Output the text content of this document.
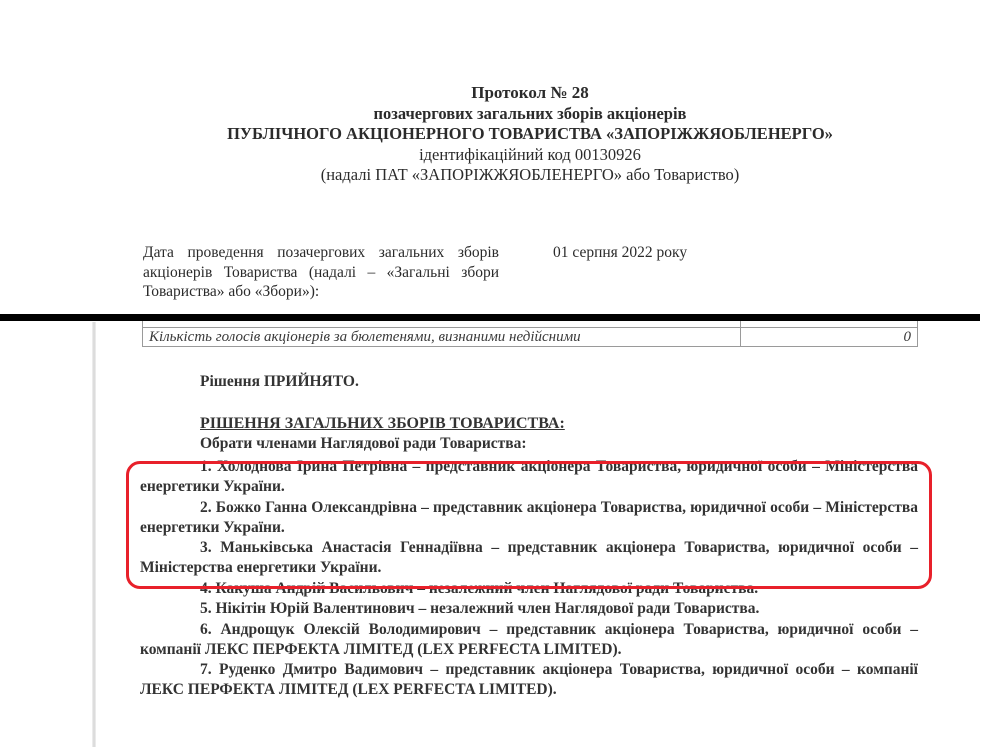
Протокол № 28
позачергових загальних зборів акціонерів
ПУБЛІЧНОГО АКЦІОНЕРНОГО ТОВАРИСТВА «ЗАПОРІЖЖЯОБЛЕНЕРГО»
ідентифікаційний код 00130926
(надалі ПАТ «ЗАПОРІЖЖЯОБЛЕНЕРГО» або Товариство)
Дата проведення позачергових загальних зборів акціонерів Товариства (надалі – «Загальні збори Товариства» або «Збори»):
01 серпня 2022 року

Кількість голосів акціонерів за бюлетенями, визнаними недійсними	0
Рішення ПРИЙНЯТО.
РІШЕННЯ ЗАГАЛЬНИХ ЗБОРІВ ТОВАРИСТВА:
Обрати членами Наглядової ради Товариства:
1. Холоднова Ірина Петрівна – представник акціонера Товариства, юридичної особи – Міністерства енергетики України.
2. Божко Ганна Олександрівна – представник акціонера Товариства, юридичної особи – Міністерства енергетики України.
3. Маньківська Анастасія Геннадіївна – представник акціонера Товариства, юридичної особи – Міністерства енергетики України.
4. Какуша Андрій Васильович – незалежний член Наглядової ради Товариства.
5. Нікітін Юрій Валентинович – незалежний член Наглядової ради Товариства.
6. Андрощук Олексій Володимирович – представник акціонера Товариства, юридичної особи – компанії ЛЕКС ПЕРФЕКТА ЛІМІТЕД (LEX PERFECTA LIMITED).
7. Руденко Дмитро Вадимович – представник акціонера Товариства, юридичної особи – компанії ЛЕКС ПЕРФЕКТА ЛІМІТЕД (LEX PERFECTA LIMITED).
